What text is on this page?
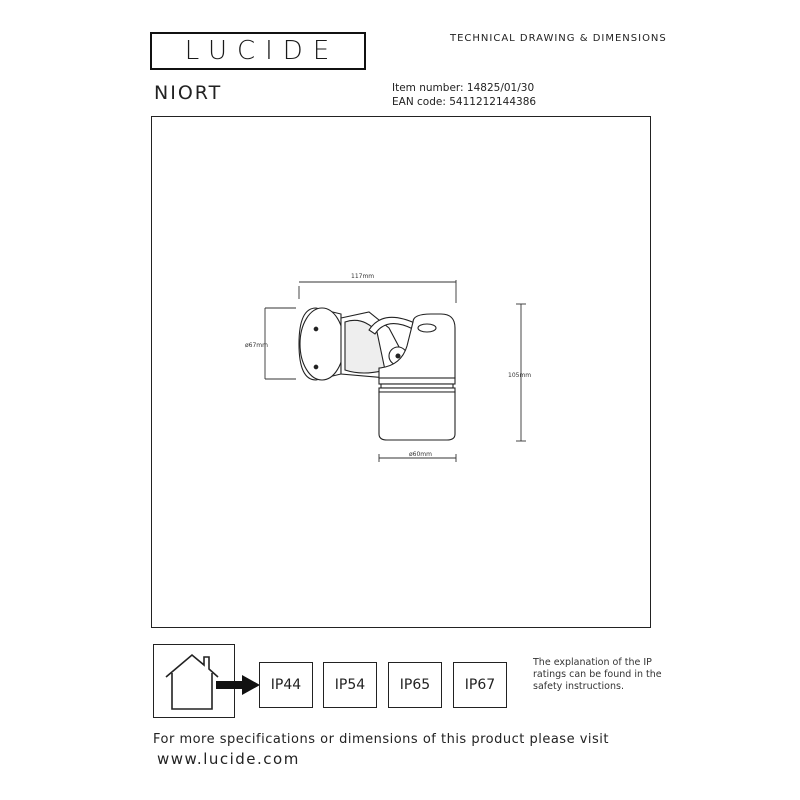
LUCIDE	TECHNICAL DRAWING & DIMENSIONS
NIORT	Item number: 14825/01/30
EAN code: 5411212144386
117mm
105mm
ø67mm
ø60mm
IP44	IP54	IP65	IP67
The explanation of the IP ratings can be found in the safety instructions.
For more specifications or dimensions of this product please visit
www.lucide.com
